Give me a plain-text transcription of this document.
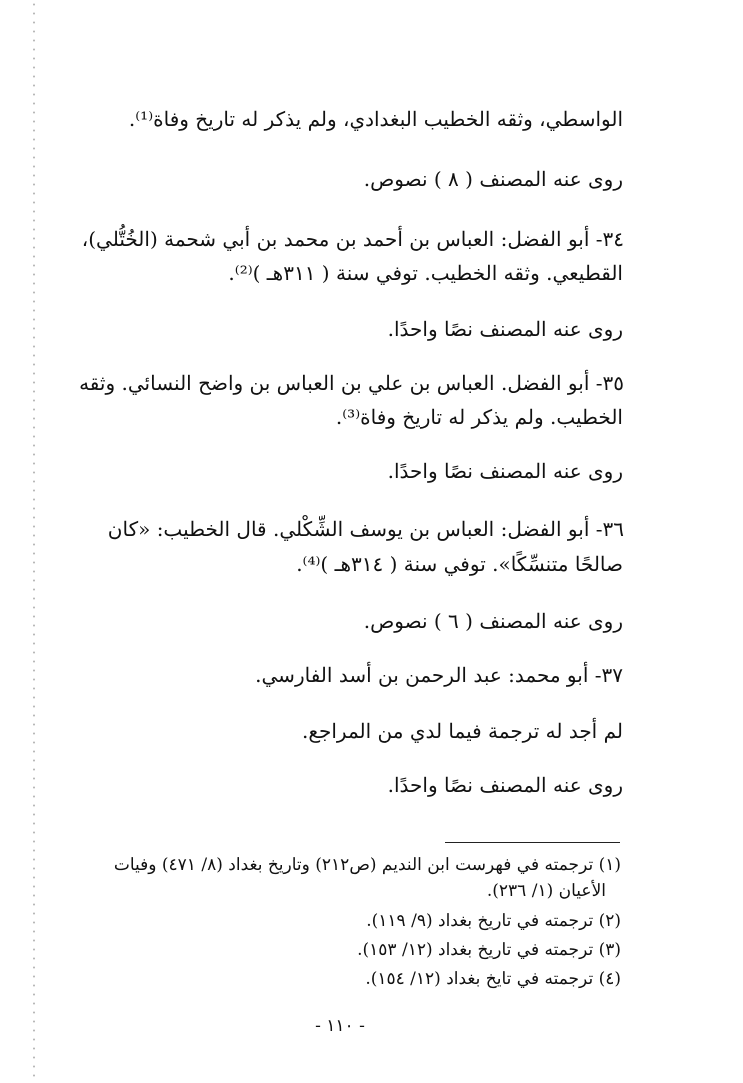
الواسطي، وثقه الخطيب البغدادي، ولم يذكر له تاريخ وفاة⁽¹⁾.
روى عنه المصنف ( ٨ ) نصوص.
٣٤- أبو الفضل: العباس بن أحمد بن محمد بن أبي شحمة (الخُتُّلي)،
القطيعي. وثقه الخطيب. توفي سنة ( ٣١١هـ )⁽²⁾.
روى عنه المصنف نصًا واحدًا.
٣٥- أبو الفضل. العباس بن علي بن العباس بن واضح النسائي. وثقه
الخطيب. ولم يذكر له تاريخ وفاة⁽³⁾.
روى عنه المصنف نصًا واحدًا.
٣٦- أبو الفضل: العباس بن يوسف الشِّكْلي. قال الخطيب: «كان
صالحًا متنسِّكًا». توفي سنة ( ٣١٤هـ )⁽⁴⁾.
روى عنه المصنف ( ٦ ) نصوص.
٣٧- أبو محمد: عبد الرحمن بن أسد الفارسي.
لم أجد له ترجمة فيما لدي من المراجع.
روى عنه المصنف نصًا واحدًا.
(١) ترجمته في فهرست ابن النديم (ص٢١٢) وتاريخ بغداد (٨/ ٤٧١) وفيات
الأعيان (١/ ٢٣٦).
(٢) ترجمته في تاريخ بغداد (٩/ ١١٩).
(٣) ترجمته في تاريخ بغداد (١٢/ ١٥٣).
(٤) ترجمته في تايخ بغداد (١٢/ ١٥٤).
- ١١٠ -
